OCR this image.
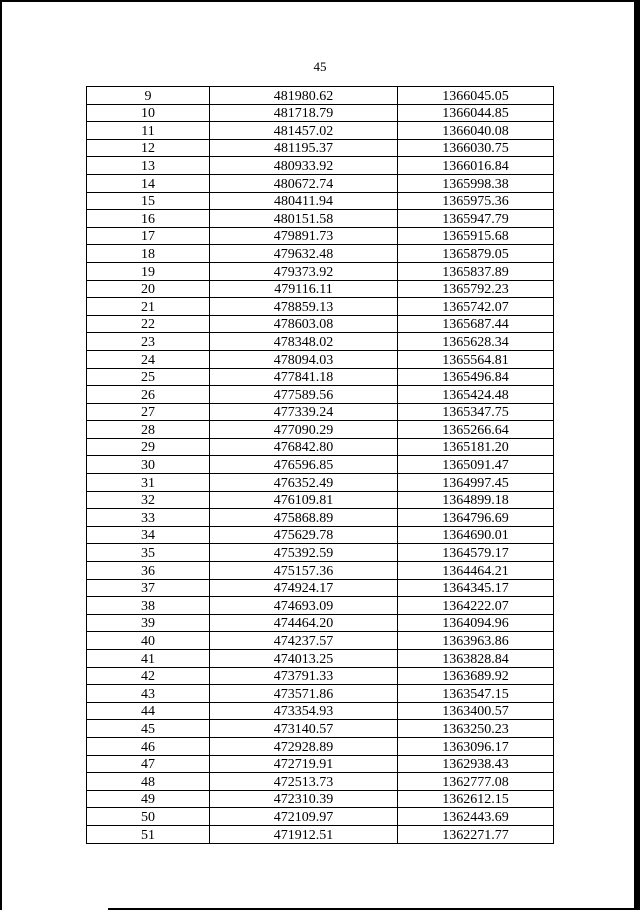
45
9	481980.62	1366045.05
10	481718.79	1366044.85
11	481457.02	1366040.08
12	481195.37	1366030.75
13	480933.92	1366016.84
14	480672.74	1365998.38
15	480411.94	1365975.36
16	480151.58	1365947.79
17	479891.73	1365915.68
18	479632.48	1365879.05
19	479373.92	1365837.89
20	479116.11	1365792.23
21	478859.13	1365742.07
22	478603.08	1365687.44
23	478348.02	1365628.34
24	478094.03	1365564.81
25	477841.18	1365496.84
26	477589.56	1365424.48
27	477339.24	1365347.75
28	477090.29	1365266.64
29	476842.80	1365181.20
30	476596.85	1365091.47
31	476352.49	1364997.45
32	476109.81	1364899.18
33	475868.89	1364796.69
34	475629.78	1364690.01
35	475392.59	1364579.17
36	475157.36	1364464.21
37	474924.17	1364345.17
38	474693.09	1364222.07
39	474464.20	1364094.96
40	474237.57	1363963.86
41	474013.25	1363828.84
42	473791.33	1363689.92
43	473571.86	1363547.15
44	473354.93	1363400.57
45	473140.57	1363250.23
46	472928.89	1363096.17
47	472719.91	1362938.43
48	472513.73	1362777.08
49	472310.39	1362612.15
50	472109.97	1362443.69
51	471912.51	1362271.77
